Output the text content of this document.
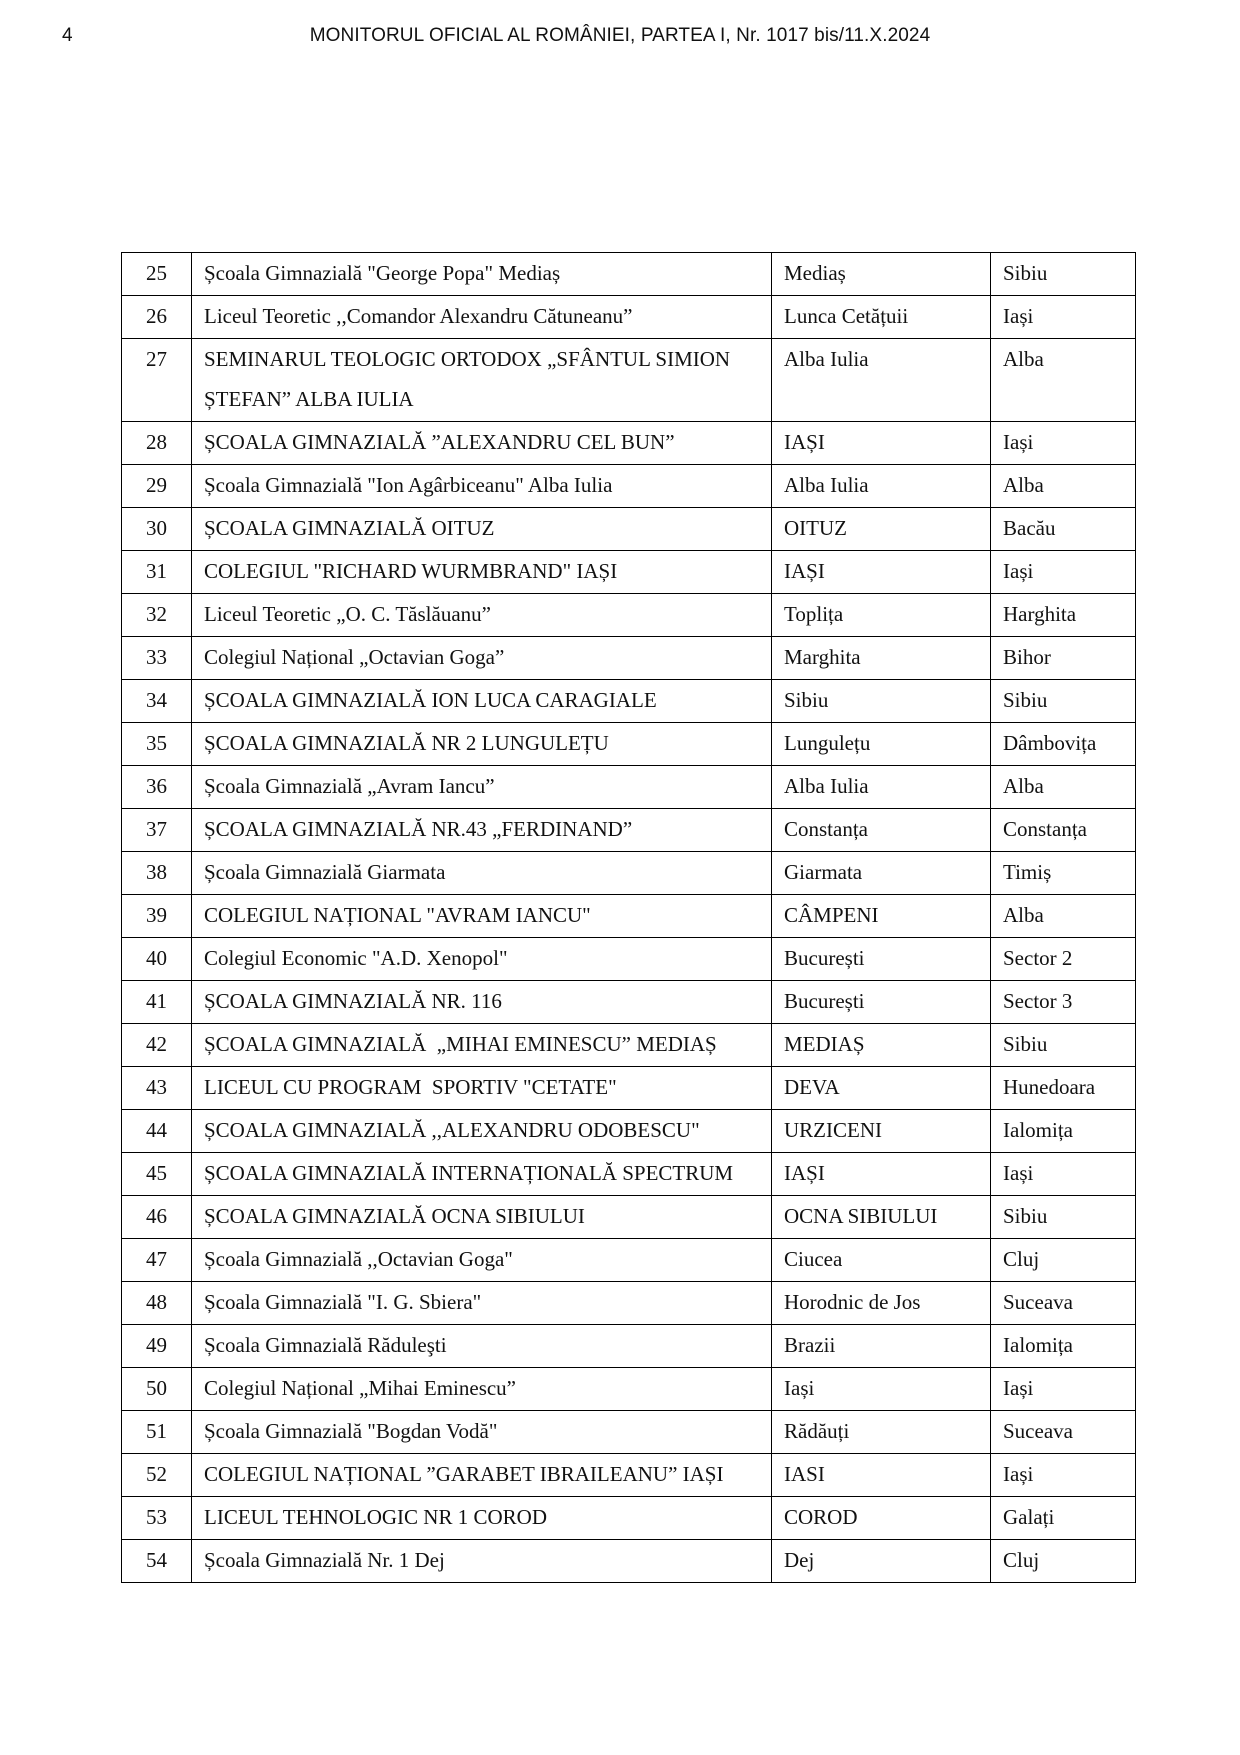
4	MONITORUL OFICIAL AL ROMÂNIEI, PARTEA I, Nr. 1017 bis/11.X.2024
25	Școala Gimnazială "George Popa" Mediaș	Mediaș	Sibiu
26	Liceul Teoretic ,,Comandor Alexandru Cătuneanu”	Lunca Cetățuii	Iași
27	SEMINARUL TEOLOGIC ORTODOX „SFÂNTUL SIMION ȘTEFAN” ALBA IULIA	Alba Iulia	Alba
28	ȘCOALA GIMNAZIALĂ ”ALEXANDRU CEL BUN”	IAȘI	Iași
29	Școala Gimnazială "Ion Agârbiceanu" Alba Iulia	Alba Iulia	Alba
30	ȘCOALA GIMNAZIALĂ OITUZ	OITUZ	Bacău
31	COLEGIUL "RICHARD WURMBRAND" IAȘI	IAȘI	Iași
32	Liceul Teoretic „O. C. Tăslăuanu”	Toplița	Harghita
33	Colegiul Național „Octavian Goga”	Marghita	Bihor
34	ȘCOALA GIMNAZIALĂ ION LUCA CARAGIALE	Sibiu	Sibiu
35	ȘCOALA GIMNAZIALĂ NR 2 LUNGULEȚU	Lungulețu	Dâmbovița
36	Școala Gimnazială „Avram Iancu”	Alba Iulia	Alba
37	ȘCOALA GIMNAZIALĂ NR.43 „FERDINAND”	Constanța	Constanța
38	Școala Gimnazială Giarmata	Giarmata	Timiș
39	COLEGIUL NAȚIONAL "AVRAM IANCU"	CÂMPENI	Alba
40	Colegiul Economic "A.D. Xenopol"	București	Sector 2
41	ȘCOALA GIMNAZIALĂ NR. 116	București	Sector 3
42	ȘCOALA GIMNAZIALĂ  „MIHAI EMINESCU” MEDIAȘ	MEDIAȘ	Sibiu
43	LICEUL CU PROGRAM  SPORTIV "CETATE"	DEVA	Hunedoara
44	ȘCOALA GIMNAZIALĂ ,,ALEXANDRU ODOBESCU"	URZICENI	Ialomița
45	ȘCOALA GIMNAZIALĂ INTERNAȚIONALĂ SPECTRUM	IAȘI	Iași
46	ȘCOALA GIMNAZIALĂ OCNA SIBIULUI	OCNA SIBIULUI	Sibiu
47	Școala Gimnazială ,,Octavian Goga"	Ciucea	Cluj
48	Școala Gimnazială "I. G. Sbiera"	Horodnic de Jos	Suceava
49	Școala Gimnazială Răduleşti	Brazii	Ialomița
50	Colegiul Național „Mihai Eminescu”	Iași	Iași
51	Școala Gimnazială "Bogdan Vodă"	Rădăuți	Suceava
52	COLEGIUL NAȚIONAL ”GARABET IBRAILEANU” IAȘI	IASI	Iași
53	LICEUL TEHNOLOGIC NR 1 COROD	COROD	Galați
54	Școala Gimnazială Nr. 1 Dej	Dej	Cluj
